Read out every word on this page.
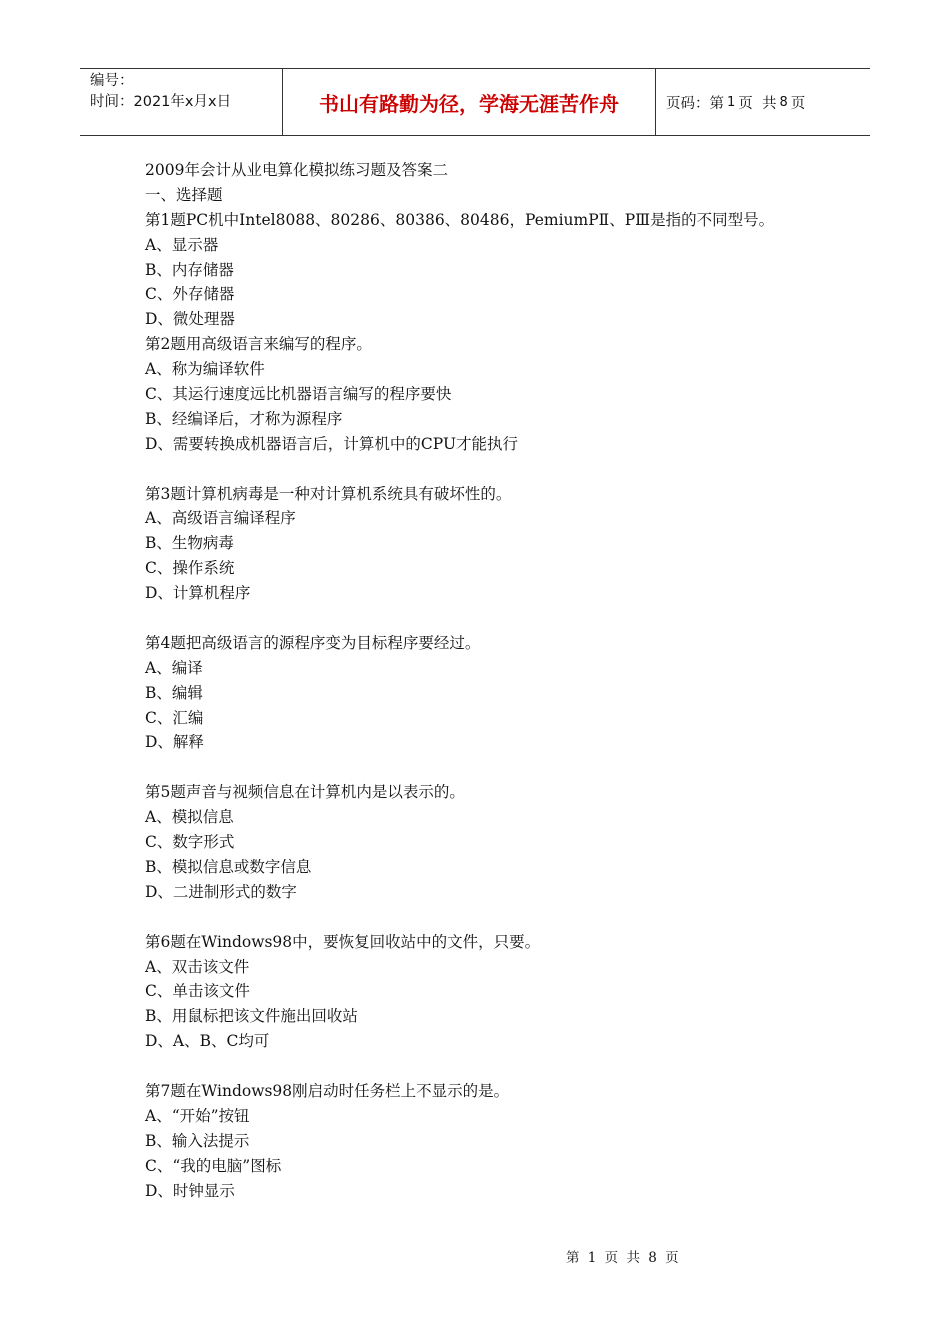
编号：
时间：2021年x月x日	书山有路勤为径，学海无涯苦作舟	页码：第 1 页  共 8 页
2009年会计从业电算化模拟练习题及答案二
一、选择题
第1题PC机中Intel8088、80286、80386、80486，PemiumPⅡ、PⅢ是指的不同型号。
A、显示器
B、内存储器
C、外存储器
D、微处理器
第2题用高级语言来编写的程序。
A、称为编译软件
C、其运行速度远比机器语言编写的程序要快
B、经编译后，才称为源程序
D、需要转换成机器语言后，计算机中的CPU才能执行
第3题计算机病毒是一种对计算机系统具有破坏性的。
A、高级语言编译程序
B、生物病毒
C、操作系统
D、计算机程序
第4题把高级语言的源程序变为目标程序要经过。
A、编译
B、编辑
C、汇编
D、解释
第5题声音与视频信息在计算机内是以表示的。
A、模拟信息
C、数字形式
B、模拟信息或数字信息
D、二进制形式的数字
第6题在Windows98中，要恢复回收站中的文件，只要。
A、双击该文件
C、单击该文件
B、用鼠标把该文件施出回收站
D、A、B、C均可
第7题在Windows98刚启动时任务栏上不显示的是。
A、“开始”按钮
B、输入法提示
C、“我的电脑”图标
D、时钟显示
第 1 页 共 8 页
